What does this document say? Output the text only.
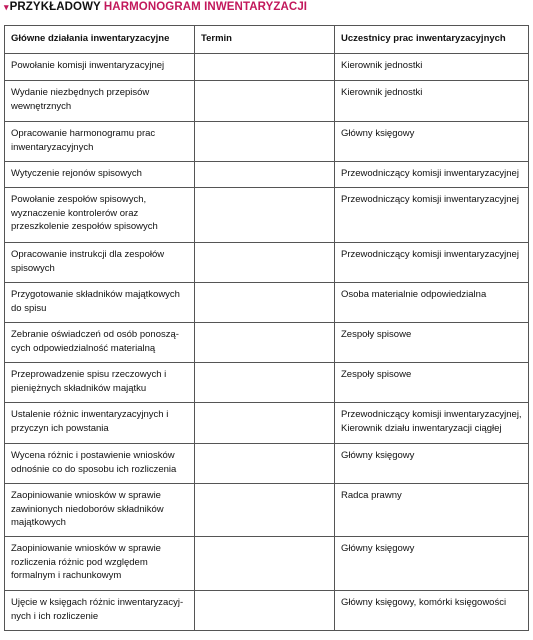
▾PRZYKŁADOWY HARMONOGRAM INWENTARYZACJI
Główne działania inwentaryzacyjne	Termin	Uczestnicy prac inwentaryzacyjnych
Powołanie komisji inwentaryzacyjnej		Kierownik jednostki
Wydanie niezbędnych przepisów wewnętrznych		Kierownik jednostki
Opracowanie harmonogramu prac inwentaryzacyjnych		Główny księgowy
Wytyczenie rejonów spisowych		Przewodniczący komisji inwentaryzacyjnej
Powołanie zespołów spisowych, wyznaczenie kontrolerów oraz przeszkolenie zespołów spisowych		Przewodniczący komisji inwentaryzacyjnej
Opracowanie instrukcji dla zespołów spisowych		Przewodniczący komisji inwentaryzacyjnej
Przygotowanie składników majątkowych do spisu		Osoba materialnie odpowiedzialna
Zebranie oświadczeń od osób ponoszą-cych odpowiedzialność materialną		Zespoły spisowe
Przeprowadzenie spisu rzeczowych i pieniężnych składników majątku		Zespoły spisowe
Ustalenie różnic inwentaryzacyjnych i przyczyn ich powstania		Przewodniczący komisji inwentaryzacyjnej, Kierownik działu inwentaryzacji ciągłej
Wycena różnic i postawienie wniosków odnośnie co do sposobu ich rozliczenia		Główny księgowy
Zaopiniowanie wniosków w sprawie zawinionych niedoborów składników majątkowych		Radca prawny
Zaopiniowanie wniosków w sprawie rozliczenia różnic pod względem formalnym i rachunkowym		Główny księgowy
Ujęcie w księgach różnic inwentaryzacyj-nych i ich rozliczenie		Główny księgowy, komórki księgowości
